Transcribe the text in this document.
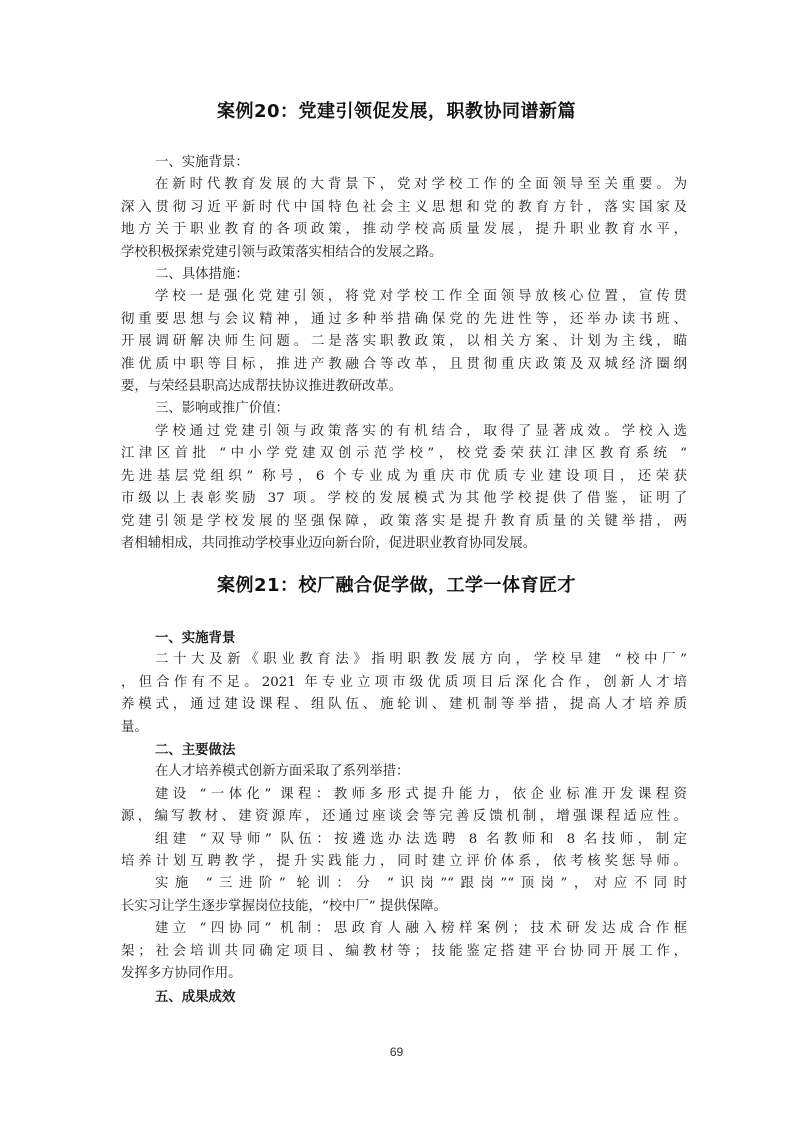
案例20：党建引领促发展，职教协同谱新篇
一、实施背景：
在新时代教育发展的大背景下，党对学校工作的全面领导至关重要。为
深入贯彻习近平新时代中国特色社会主义思想和党的教育方针，落实国家及
地方关于职业教育的各项政策，推动学校高质量发展，提升职业教育水平，
学校积极探索党建引领与政策落实相结合的发展之路。
二、具体措施：
学校一是强化党建引领，将党对学校工作全面领导放核心位置，宣传贯
彻重要思想与会议精神，通过多种举措确保党的先进性等，还举办读书班、
开展调研解决师生问题。二是落实职教政策，以相关方案、计划为主线，瞄
准优质中职等目标，推进产教融合等改革，且贯彻重庆政策及双城经济圈纲
要，与荣经县职高达成帮扶协议推进教研改革。
三、影响或推广价值：
学校通过党建引领与政策落实的有机结合，取得了显著成效。学校入选
江津区首批 “中小学党建双创示范学校”，校党委荣获江津区教育系统 “
先进基层党组织” 称号，6 个专业成为重庆市优质专业建设项目，还荣获
市级以上表彰奖励 37 项。学校的发展模式为其他学校提供了借鉴，证明了
党建引领是学校发展的坚强保障，政策落实是提升教育质量的关键举措，两
者相辅相成，共同推动学校事业迈向新台阶，促进职业教育协同发展。
案例21：校厂融合促学做，工学一体育匠才
一、实施背景
二十大及新《职业教育法》指明职教发展方向，学校早建 “校中厂”
，但合作有不足。2021 年专业立项市级优质项目后深化合作，创新人才培
养模式，通过建设课程、组队伍、施轮训、建机制等举措，提高人才培养质
量。
二、主要做法
在人才培养模式创新方面采取了系列举措：
建设 “一体化” 课程：教师多形式提升能力，依企业标准开发课程资
源，编写教材、建资源库，还通过座谈会等完善反馈机制，增强课程适应性。
组建 “双导师” 队伍：按遴选办法选聘 8 名教师和 8 名技师，制定
培养计划互聘教学，提升实践能力，同时建立评价体系，依考核奖惩导师。
实施 “三进阶” 轮训：分 “识岗”“跟岗”“顶岗”，对应不同时
长实习让学生逐步掌握岗位技能，“校中厂” 提供保障。
建立 “四协同” 机制：思政育人融入榜样案例；技术研发达成合作框
架；社会培训共同确定项目、编教材等；技能鉴定搭建平台协同开展工作，
发挥多方协同作用。
五、成果成效
69
